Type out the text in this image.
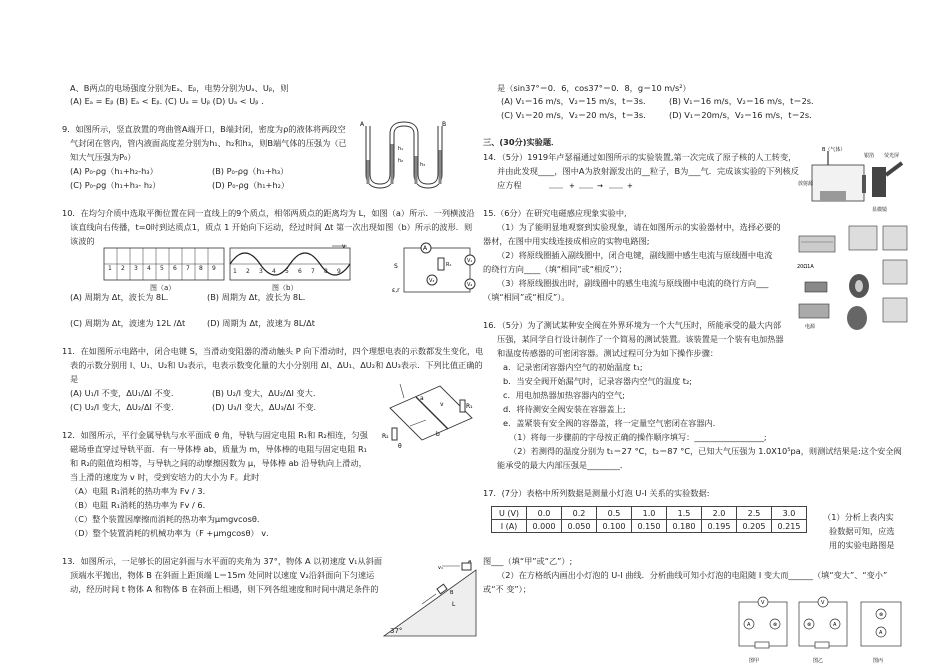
A、B两点的电场强度分别为Eₐ、Eᵦ，电势分别为Uₐ、Uᵦ，则
(A) Eₐ = Eᵦ (B) Eₐ < Eᵦ. (C) Uₐ = Uᵦ (D) Uₐ < Uᵦ .
9．如图所示，竖直放置的弯曲管A端开口，B端封闭，密度为ρ的液体将两段空
气封闭在管内，管内液面高度差分别为h₁、h₂和h₃，则B端气体的压强为（已
知大气压强为P₀）
(A) P₀-ρg（h₁+h₂-h₃）	(B) P₀-ρg（h₁+h₃）
(C) P₀-ρg（h₁+h₃- h₂）	(D) P₀-ρg（h₁+h₂）
A	B
h₁
h₂
h₃
10．在均匀介质中选取平衡位置在同一直线上的9个质点，相邻两质点的距离均为 L，如图（a）所示．一列横波沿
该直线向右传播，t=0时到达质点1，质点 1 开始向下运动，经过时间 Δt 第一次出现如图（b）所示的波形．则
该波的
1 2 3 4 5 6 7 8 9	1 2 3 4 5 6 7 8 9
v
图（a）	图（b）
(A) 周期为 Δt，波长为 8L．	(B) 周期为 Δt，波长为 8L．
(C) 周期为 Δt，波速为 12L /Δt	(D) 周期为 Δt，波速为 8L/Δt
A
V₁
V₂
V₃
R₁
S
ε,r
11．在如图所示电路中，闭合电键 S，当滑动变阻器的滑动触头 P 向下滑动时，四个理想电表的示数都发生变化，电
表的示数分别用 I、U₁、U₂和 U₃表示，电表示数变化量的大小分别用 ΔI、ΔU₁、ΔU₂和 ΔU₃表示．下列比值正确的
是
(A) U₁/I 不变，ΔU₁/ΔI 不变.	(B) U₂/I 变大，ΔU₂/ΔI 变大.
(C) U₂/I 变大，ΔU₂/ΔI 不变.	(D) U₃/I 变大，ΔU₃/ΔI 不变.
12．如图所示，平行金属导轨与水平面成 θ 角，导轨与固定电阻 R₁和 R₂相连，匀强
磁场垂直穿过导轨平面．有一导体棒 ab，质量为 m，导体棒的电阻与固定电阻 R₁
和 R₂的阻值均相等，与导轨之间的动摩擦因数为 μ，导体棒 ab 沿导轨向上滑动，
当上滑的速度为 v 时，受到安培力的大小为 F。此时
（A）电阻 R₁消耗的热功率为 Fv / 3．
（B）电阻 R₁消耗的热功率为 Fv / 6．
（C）整个装置因摩擦而消耗的热功率为μmgvcosθ．
（D）整个装置消耗的机械功率为（F +μmgcosθ） v．
R₁
R₂
a
b
v
θ
13．如图所示，一足够长的固定斜面与水平面的夹角为 37°，物体 A 以初速度 V₁从斜面
顶端水平抛出，物体 B 在斜面上距顶端 L＝15m 处同时以速度 V₂沿斜面向下匀速运
动，经历时间 t 物体 A 和物体 B 在斜面上相遇，则下列各组速度和时间中满足条件的
v₁
B
A
L
37°
是（sin37°＝0．6，cos37°＝0．8，g＝10 m/s²）
(A) V₁＝16 m/s，V₂＝15 m/s，t＝3s． (B) V₁＝16 m/s，V₂＝16 m/s，t＝2s．
(C) V₁＝20 m/s，V₂＝20 m/s，t＝3s． (D) V₁＝20m/s，V₂＝16 m/s，t＝2s．
三、(30分)实验题．
14．（5分）1919年卢瑟福通过如图所示的实验装置,第一次完成了原子核的人工转变，
并由此发现____，图中A为放射源发出的__粒子，B为___气．完成该实验的下列核反
应方程	+	→	+
B（气体）
银箔 荧光屏
放射源
显微镜
15.（6分）在研究电磁感应现象实验中,
（1）为了能明显地观察到实验现象，请在如图所示的实验器材中，选择必要的
器材，在图中用实线连接成相应的实物电路图;
（2）将原线圈插入副线圈中，闭合电键，副线圈中感生电流与原线圈中电流
的绕行方向____（填“相同”或“相反”）；
（3）将原线圈拔出时，副线圈中的感生电流与原线圈中电流的绕行方向___
（填“相同”或“相反”）。
20Ω1A
电源
16．（5分）为了测试某种安全阀在外界环境为一个大气压时，所能承受的最大内部
压强，某同学自行设计制作了一个简易的测试装置。该装置是一个装有电加热器
和温度传感器的可密闭容器。测试过程可分为如下操作步骤：
a．记录密闭容器内空气的初始温度 t₁;
b．当安全阀开始漏气时，记录容器内空气的温度 t₂;
c．用电加热器加热容器内的空气;
d．将待测安全阀安装在容器盖上;
e．盖紧装有安全阀的容器盖，将一定量空气密闭在容器内．
（1）将每一步骤前的字母按正确的操作顺序填写：_________________;
（2）若测得的温度分别为 t₁＝27 °C，t₂＝87 °C，已知大气压强为 1.0X10⁵pa，则测试结果是:这个安全阀
能承受的最大内部压强是________．
17．(7分）表格中所列数据是测量小灯泡 U-I 关系的实验数据:
U (V)	0.0	0.2	0.5	1.0	1.5	2.0	2.5	3.0
I (A)	0.000	0.050	0.100	0.150	0.180	0.195	0.205	0.215
（1）分析上表内实
验数据可知，应选
用的实验电路图是
图___（填“甲”或“乙”）;
（2）在方格纸内画出小灯泡的 U-I 曲线．分析曲线可知小灯泡的电阻随 I 变大而______（填“变大”、“变小”
或“不 变”）；
V
A	⊗
图甲
V
⊗	A
图乙
⊗
A
图丙
